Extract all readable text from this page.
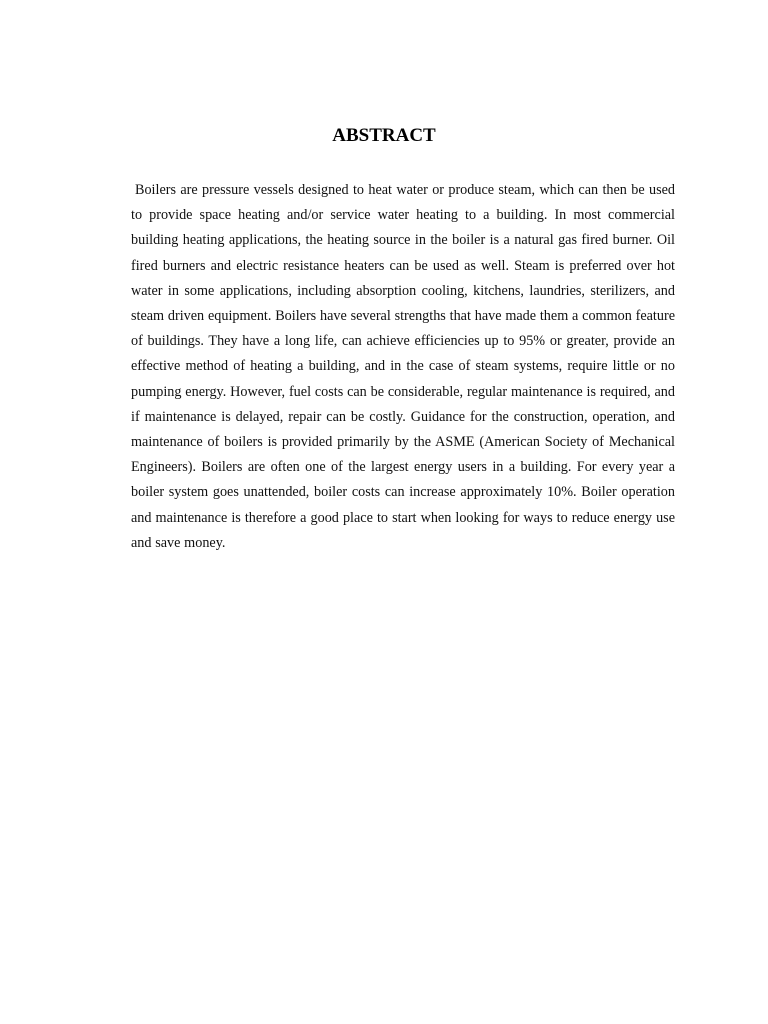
ABSTRACT

Boilers are pressure vessels designed to heat water or produce steam, which can then be used to provide space heating and/or service water heating to a building. In most commercial building heating applications, the heating source in the boiler is a natural gas fired burner. Oil fired burners and electric resistance heaters can be used as well. Steam is preferred over hot water in some applications, including absorption cooling, kitchens, laundries, sterilizers, and steam driven equipment. Boilers have several strengths that have made them a common feature of buildings. They have a long life, can achieve efficiencies up to 95% or greater, provide an effective method of heating a building, and in the case of steam systems, require little or no pumping energy. However, fuel costs can be considerable, regular maintenance is required, and if maintenance is delayed, repair can be costly. Guidance for the construction, operation, and maintenance of boilers is provided primarily by the ASME (American Society of Mechanical Engineers). Boilers are often one of the largest energy users in a building. For every year a boiler system goes unattended, boiler costs can increase approximately 10%. Boiler operation and maintenance is therefore a good place to start when looking for ways to reduce energy use and save money.
